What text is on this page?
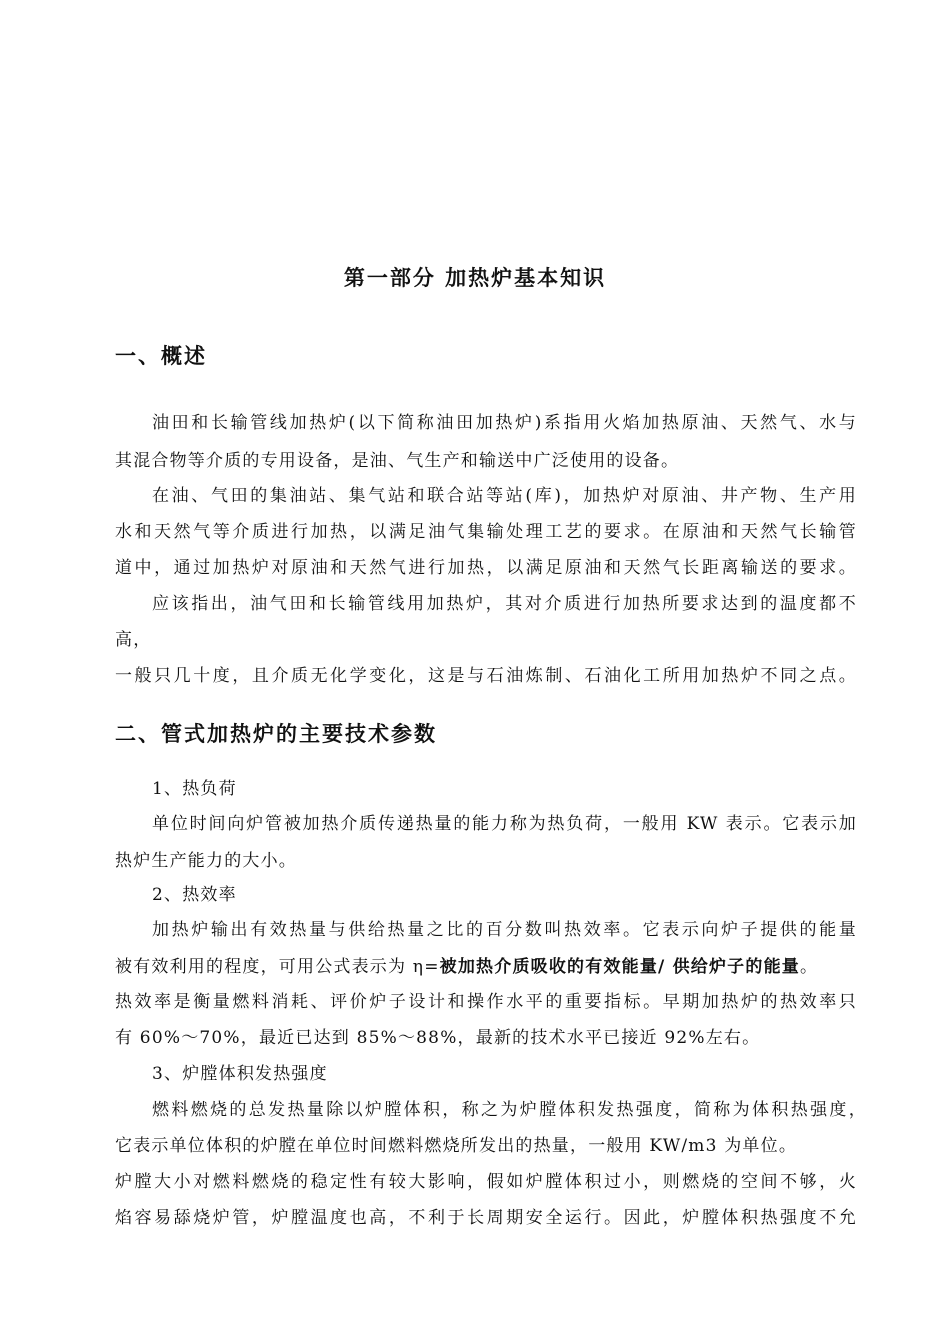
第一部分 加热炉基本知识
一、概述
油田和长输管线加热炉(以下简称油田加热炉)系指用火焰加热原油、天然气、水与
其混合物等介质的专用设备，是油、气生产和输送中广泛使用的设备。
在油、气田的集油站、集气站和联合站等站(库)，加热炉对原油、井产物、生产用
水和天然气等介质进行加热，以满足油气集输处理工艺的要求。在原油和天然气长输管
道中，通过加热炉对原油和天然气进行加热，以满足原油和天然气长距离输送的要求。
应该指出，油气田和长输管线用加热炉，其对介质进行加热所要求达到的温度都不
高，
一般只几十度，且介质无化学变化，这是与石油炼制、石油化工所用加热炉不同之点。
二、管式加热炉的主要技术参数
1、热负荷
单位时间向炉管被加热介质传递热量的能力称为热负荷，一般用 KW 表示。它表示加
热炉生产能力的大小。
2、热效率
加热炉输出有效热量与供给热量之比的百分数叫热效率。它表示向炉子提供的能量
被有效利用的程度，可用公式表示为 η=被加热介质吸收的有效能量/ 供给炉子的能量。
热效率是衡量燃料消耗、评价炉子设计和操作水平的重要指标。早期加热炉的热效率只
有 60%～70%，最近已达到 85%～88%，最新的技术水平已接近 92%左右。
3、炉膛体积发热强度
燃料燃烧的总发热量除以炉膛体积，称之为炉膛体积发热强度，简称为体积热强度，
它表示单位体积的炉膛在单位时间燃料燃烧所发出的热量，一般用 KW/m3 为单位。
炉膛大小对燃料燃烧的稳定性有较大影响，假如炉膛体积过小，则燃烧的空间不够，火
焰容易舔烧炉管，炉膛温度也高，不利于长周期安全运行。因此，炉膛体积热强度不允
